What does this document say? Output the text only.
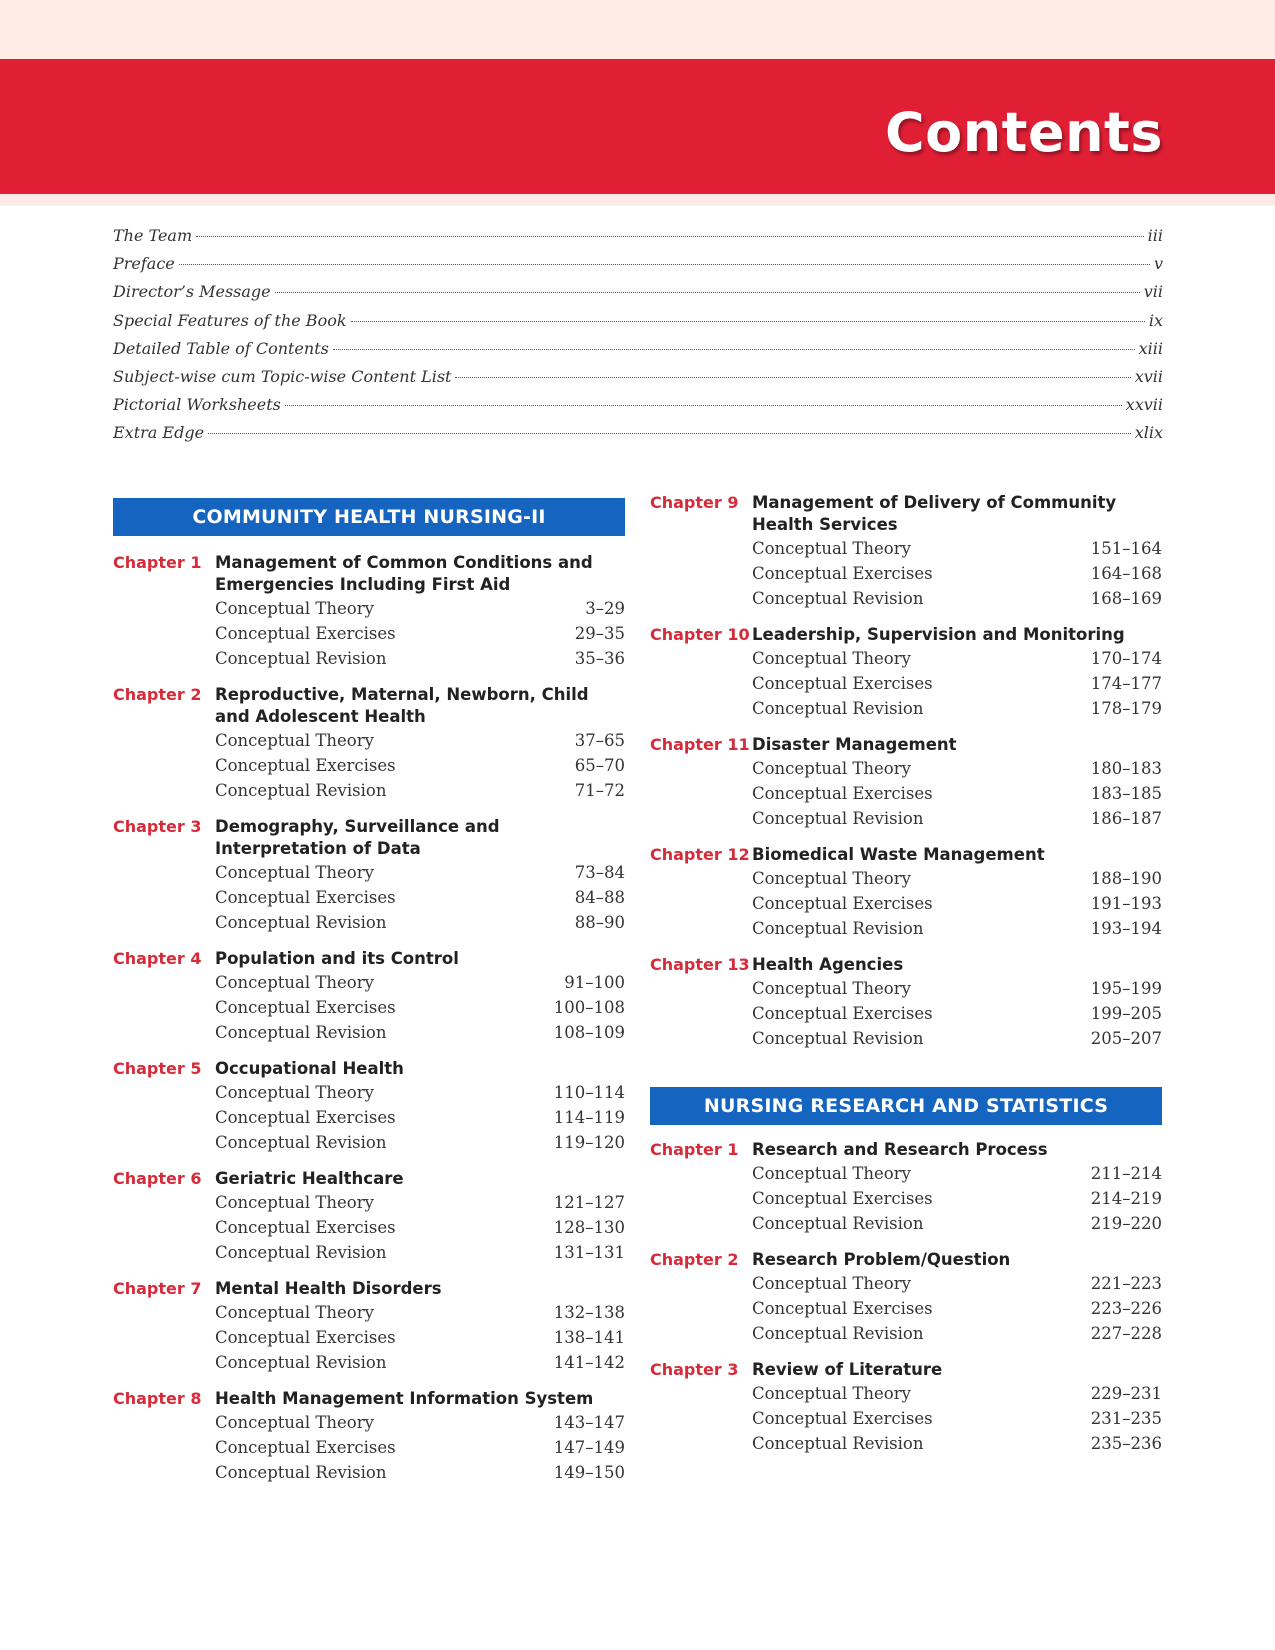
Contents
The Team	iii
Preface	v
Director’s Message	vii
Special Features of the Book	ix
Detailed Table of Contents	xiii
Subject-wise cum Topic-wise Content List	xvii
Pictorial Worksheets	xxvii
Extra Edge	xlix
COMMUNITY HEALTH NURSING-II
Chapter 1 Management of Common Conditions and Emergencies Including First Aid
Conceptual Theory	3–29
Conceptual Exercises	29–35
Conceptual Revision	35–36
Chapter 2 Reproductive, Maternal, Newborn, Child and Adolescent Health
Conceptual Theory	37–65
Conceptual Exercises	65–70
Conceptual Revision	71–72
Chapter 3 Demography, Surveillance and Interpretation of Data
Conceptual Theory	73–84
Conceptual Exercises	84–88
Conceptual Revision	88–90
Chapter 4 Population and its Control
Conceptual Theory	91–100
Conceptual Exercises	100–108
Conceptual Revision	108–109
Chapter 5 Occupational Health
Conceptual Theory	110–114
Conceptual Exercises	114–119
Conceptual Revision	119–120
Chapter 6 Geriatric Healthcare
Conceptual Theory	121–127
Conceptual Exercises	128–130
Conceptual Revision	131–131
Chapter 7 Mental Health Disorders
Conceptual Theory	132–138
Conceptual Exercises	138–141
Conceptual Revision	141–142
Chapter 8 Health Management Information System
Conceptual Theory	143–147
Conceptual Exercises	147–149
Conceptual Revision	149–150
Chapter 9 Management of Delivery of Community Health Services
Conceptual Theory	151–164
Conceptual Exercises	164–168
Conceptual Revision	168–169
Chapter 10 Leadership, Supervision and Monitoring
Conceptual Theory	170–174
Conceptual Exercises	174–177
Conceptual Revision	178–179
Chapter 11 Disaster Management
Conceptual Theory	180–183
Conceptual Exercises	183–185
Conceptual Revision	186–187
Chapter 12 Biomedical Waste Management
Conceptual Theory	188–190
Conceptual Exercises	191–193
Conceptual Revision	193–194
Chapter 13 Health Agencies
Conceptual Theory	195–199
Conceptual Exercises	199–205
Conceptual Revision	205–207
NURSING RESEARCH AND STATISTICS
Chapter 1 Research and Research Process
Conceptual Theory	211–214
Conceptual Exercises	214–219
Conceptual Revision	219–220
Chapter 2 Research Problem/Question
Conceptual Theory	221–223
Conceptual Exercises	223–226
Conceptual Revision	227–228
Chapter 3 Review of Literature
Conceptual Theory	229–231
Conceptual Exercises	231–235
Conceptual Revision	235–236
